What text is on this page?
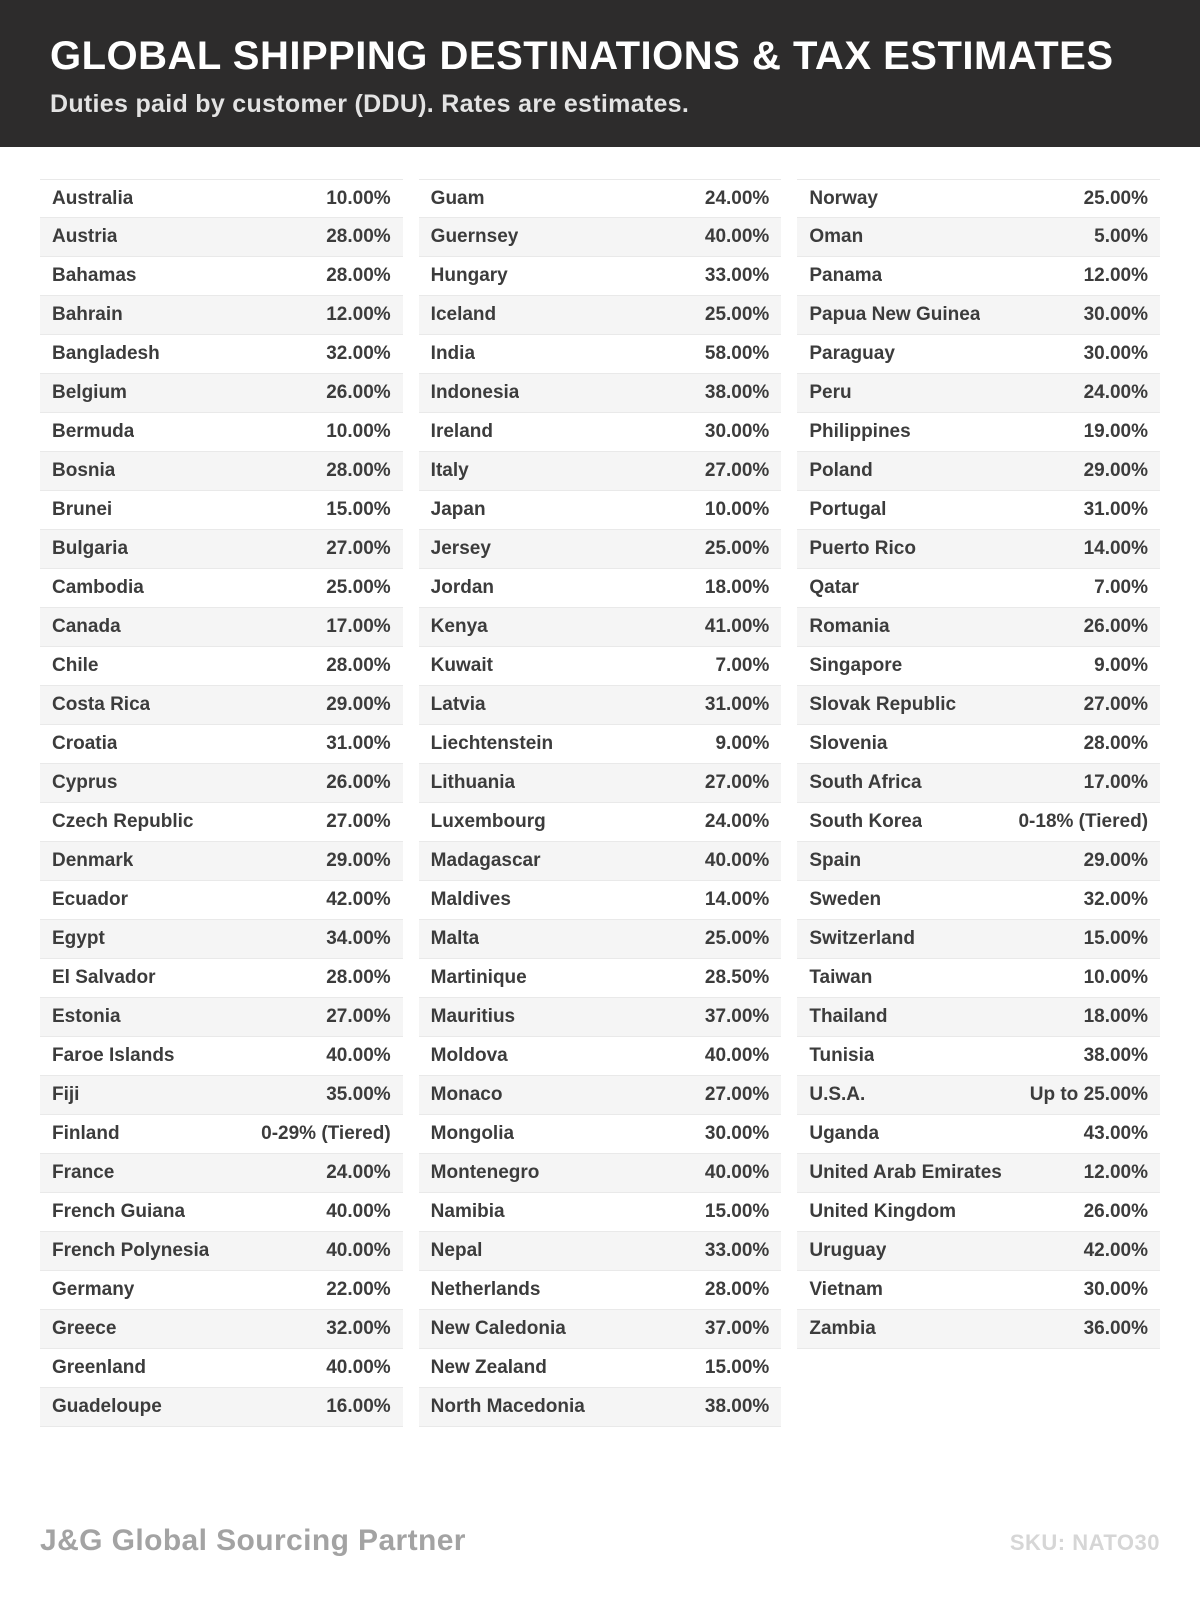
GLOBAL SHIPPING DESTINATIONS & TAX ESTIMATES

Duties paid by customer (DDU). Rates are estimates.

Australia	10.00%
Austria	28.00%
Bahamas	28.00%
Bahrain	12.00%
Bangladesh	32.00%
Belgium	26.00%
Bermuda	10.00%
Bosnia	28.00%
Brunei	15.00%
Bulgaria	27.00%
Cambodia	25.00%
Canada	17.00%
Chile	28.00%
Costa Rica	29.00%
Croatia	31.00%
Cyprus	26.00%
Czech Republic	27.00%
Denmark	29.00%
Ecuador	42.00%
Egypt	34.00%
El Salvador	28.00%
Estonia	27.00%
Faroe Islands	40.00%
Fiji	35.00%
Finland	0-29% (Tiered)
France	24.00%
French Guiana	40.00%
French Polynesia	40.00%
Germany	22.00%
Greece	32.00%
Greenland	40.00%
Guadeloupe	16.00%
Guam	24.00%
Guernsey	40.00%
Hungary	33.00%
Iceland	25.00%
India	58.00%
Indonesia	38.00%
Ireland	30.00%
Italy	27.00%
Japan	10.00%
Jersey	25.00%
Jordan	18.00%
Kenya	41.00%
Kuwait	7.00%
Latvia	31.00%
Liechtenstein	9.00%
Lithuania	27.00%
Luxembourg	24.00%
Madagascar	40.00%
Maldives	14.00%
Malta	25.00%
Martinique	28.50%
Mauritius	37.00%
Moldova	40.00%
Monaco	27.00%
Mongolia	30.00%
Montenegro	40.00%
Namibia	15.00%
Nepal	33.00%
Netherlands	28.00%
New Caledonia	37.00%
New Zealand	15.00%
North Macedonia	38.00%
Norway	25.00%
Oman	5.00%
Panama	12.00%
Papua New Guinea	30.00%
Paraguay	30.00%
Peru	24.00%
Philippines	19.00%
Poland	29.00%
Portugal	31.00%
Puerto Rico	14.00%
Qatar	7.00%
Romania	26.00%
Singapore	9.00%
Slovak Republic	27.00%
Slovenia	28.00%
South Africa	17.00%
South Korea	0-18% (Tiered)
Spain	29.00%
Sweden	32.00%
Switzerland	15.00%
Taiwan	10.00%
Thailand	18.00%
Tunisia	38.00%
U.S.A.	Up to 25.00%
Uganda	43.00%
United Arab Emirates	12.00%
United Kingdom	26.00%
Uruguay	42.00%
Vietnam	30.00%
Zambia	36.00%
J&G Global Sourcing Partner	SKU: NATO30
